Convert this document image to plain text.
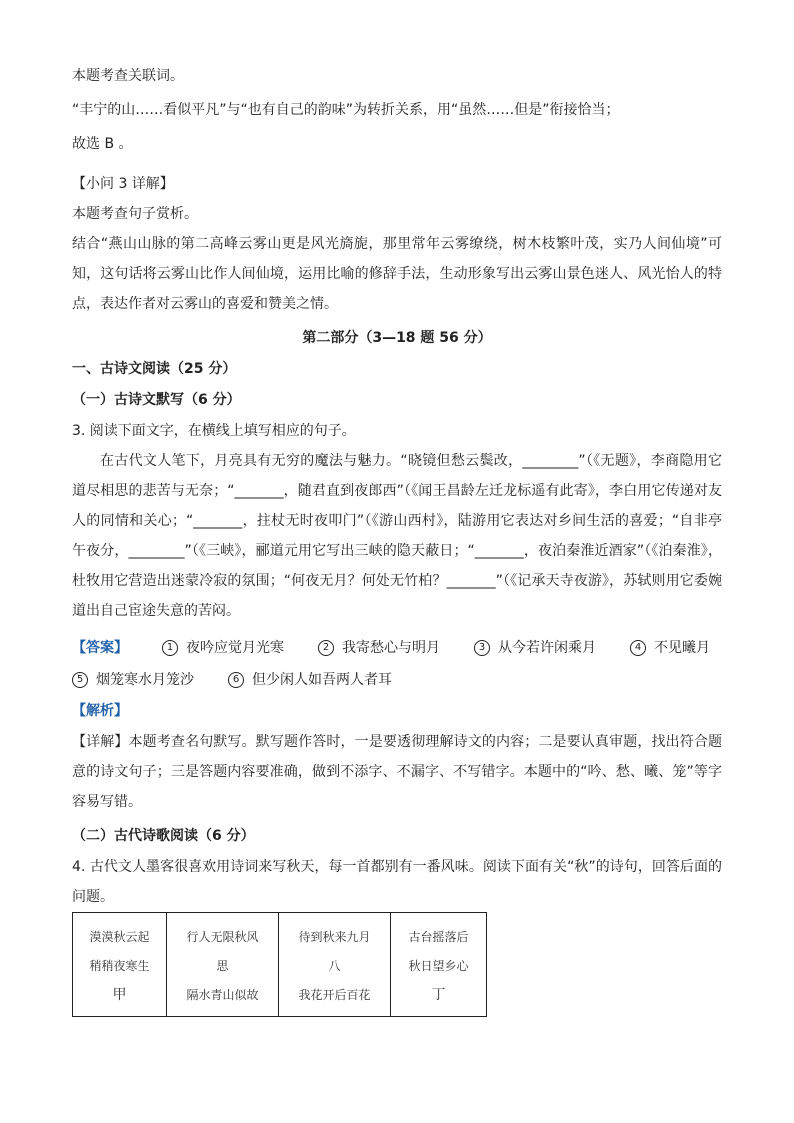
本题考查关联词。
“丰宁的山……看似平凡”与“也有自己的韵味”为转折关系，用“虽然……但是”衔接恰当；
故选 B 。
【小问 3 详解】
本题考查句子赏析。
结合“燕山山脉的第二高峰云雾山更是风光旖旎，那里常年云雾缭绕，树木枝繁叶茂，实乃人间仙境”可知，这句话将云雾山比作人间仙境，运用比喻的修辞手法，生动形象写出云雾山景色迷人、风光怡人的特点，表达作者对云雾山的喜爱和赞美之情。
第二部分（3—18 题 56 分）
一、古诗文阅读（25 分）
（一）古诗文默写（6 分）
3. 阅读下面文字，在横线上填写相应的句子。
在古代文人笔下，月亮具有无穷的魔法与魅力。“晓镜但愁云鬓改，________”（《无题》，李商隐用它道尽相思的悲苦与无奈；“_______，随君直到夜郎西”（《闻王昌龄左迁龙标遥有此寄》，李白用它传递对友人的同情和关心；“_______，拄杖无时夜叩门”（《游山西村》，陆游用它表达对乡间生活的喜爱；“自非亭午夜分，________”（《三峡》，郦道元用它写出三峡的隐天蔽日；“_______，夜泊秦淮近酒家”（《泊秦淮》，杜牧用它营造出迷蒙冷寂的氛围；“何夜无月？何处无竹柏？_______”（《记承天寺夜游》，苏轼则用它委婉道出自己宦途失意的苦闷。
【答案】	1 夜吟应觉月光寒	2 我寄愁心与明月	3 从今若许闲乘月	4 不见曦月
5 烟笼寒水月笼沙	6 但少闲人如吾两人者耳
【解析】
【详解】本题考查名句默写。默写题作答时，一是要透彻理解诗文的内容；二是要认真审题，找出符合题意的诗文句子；三是答题内容要准确，做到不添字、不漏字、不写错字。本题中的“吟、愁、曦、笼”等字容易写错。
（二）古代诗歌阅读（6 分）
4. 古代文人墨客很喜欢用诗词来写秋天，每一首都别有一番风味。阅读下面有关“秋”的诗句，回答后面的问题。
漠漠秋云起
稍稍夜寒生
甲

行人无限秋风
思
隔水青山似故

待到秋来九月
八
我花开后百花

古台摇落后
秋日望乡心
丁
